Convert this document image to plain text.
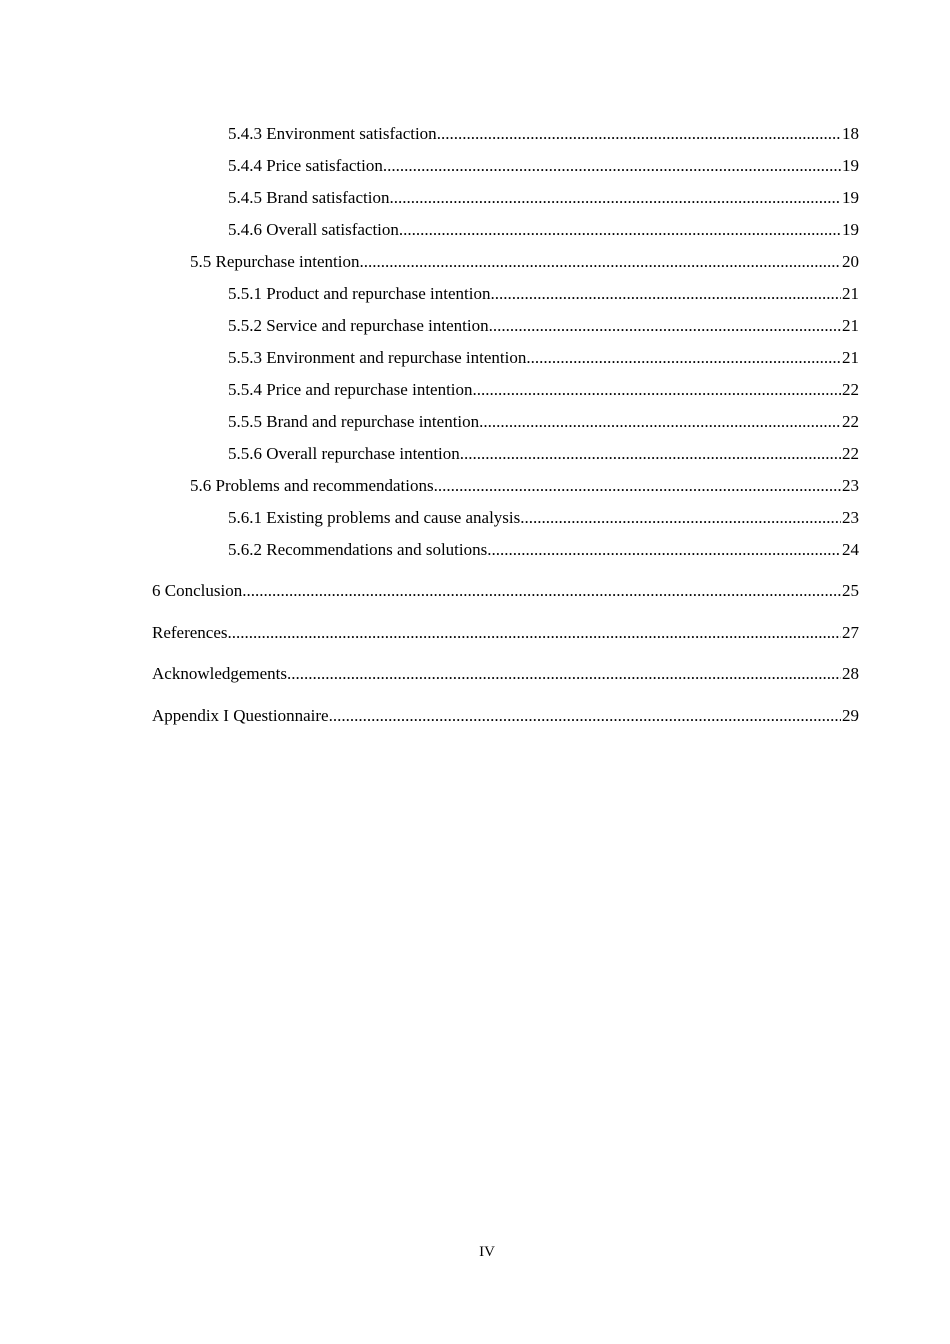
5.4.3 Environment satisfaction .....	18
5.4.4 Price satisfaction .....	19
5.4.5 Brand satisfaction .....	19
5.4.6 Overall satisfaction .....	19
5.5 Repurchase intention .....	20
5.5.1 Product and repurchase intention .....	21
5.5.2 Service and repurchase intention .....	21
5.5.3 Environment and repurchase intention .....	21
5.5.4 Price and repurchase intention .....	22
5.5.5 Brand and repurchase intention .....	22
5.5.6 Overall repurchase intention .....	22
5.6 Problems and recommendations .....	23
5.6.1 Existing problems and cause analysis .....	23
5.6.2 Recommendations and solutions .....	24
6 Conclusion .....	25
References .....	27
Acknowledgements .....	28
Appendix I Questionnaire .....	29
IV
